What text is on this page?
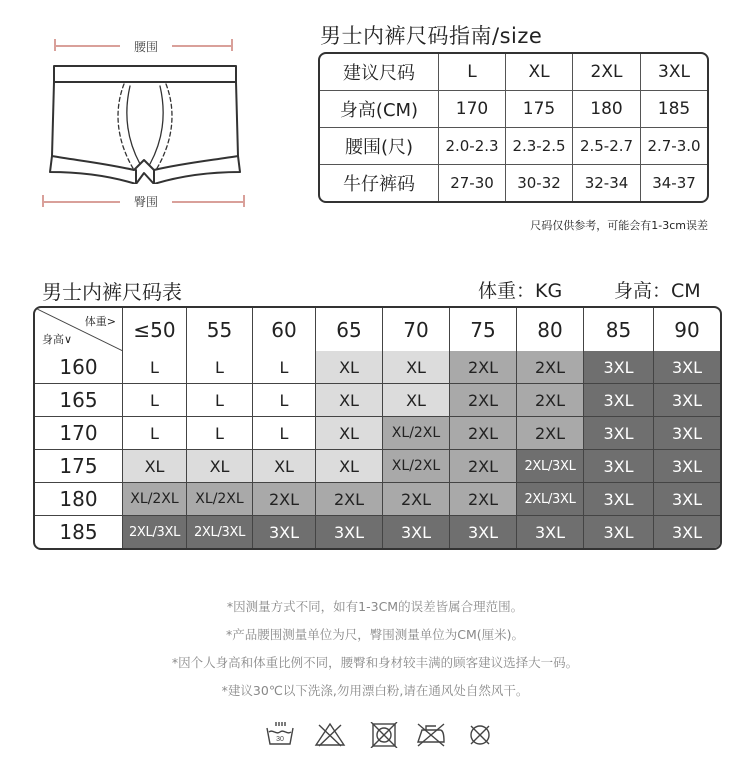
腰围
臀围
男士内裤尺码指南/size
建议尺码	L	XL	2XL	3XL
身高(CM)	170	175	180	185
腰围(尺)	2.0-2.3	2.3-2.5	2.5-2.7	2.7-3.0
牛仔裤码	27-30	30-32	32-34	34-37
尺码仅供参考，可能会有1-3cm误差
男士内裤尺码表	体重：KG	身高：CM
体重>
身高∨	≤50	55	60	65	70	75	80	85	90
160	L	L	L	XL	XL	2XL	2XL	3XL	3XL
165	L	L	L	XL	XL	2XL	2XL	3XL	3XL
170	L	L	L	XL	XL/2XL	2XL	2XL	3XL	3XL
175	XL	XL	XL	XL	XL/2XL	2XL	2XL/3XL	3XL	3XL
180	XL/2XL	XL/2XL	2XL	2XL	2XL	2XL	2XL/3XL	3XL	3XL
185	2XL/3XL	2XL/3XL	3XL	3XL	3XL	3XL	3XL	3XL	3XL
*因测量方式不同，如有1-3CM的误差皆属合理范围。
*产品腰围测量单位为尺，臀围测量单位为CM(厘米)。
*因个人身高和体重比例不同，腰臀和身材较丰满的顾客建议选择大一码。
*建议30℃以下洗涤,勿用漂白粉,请在通风处自然风干。
30
